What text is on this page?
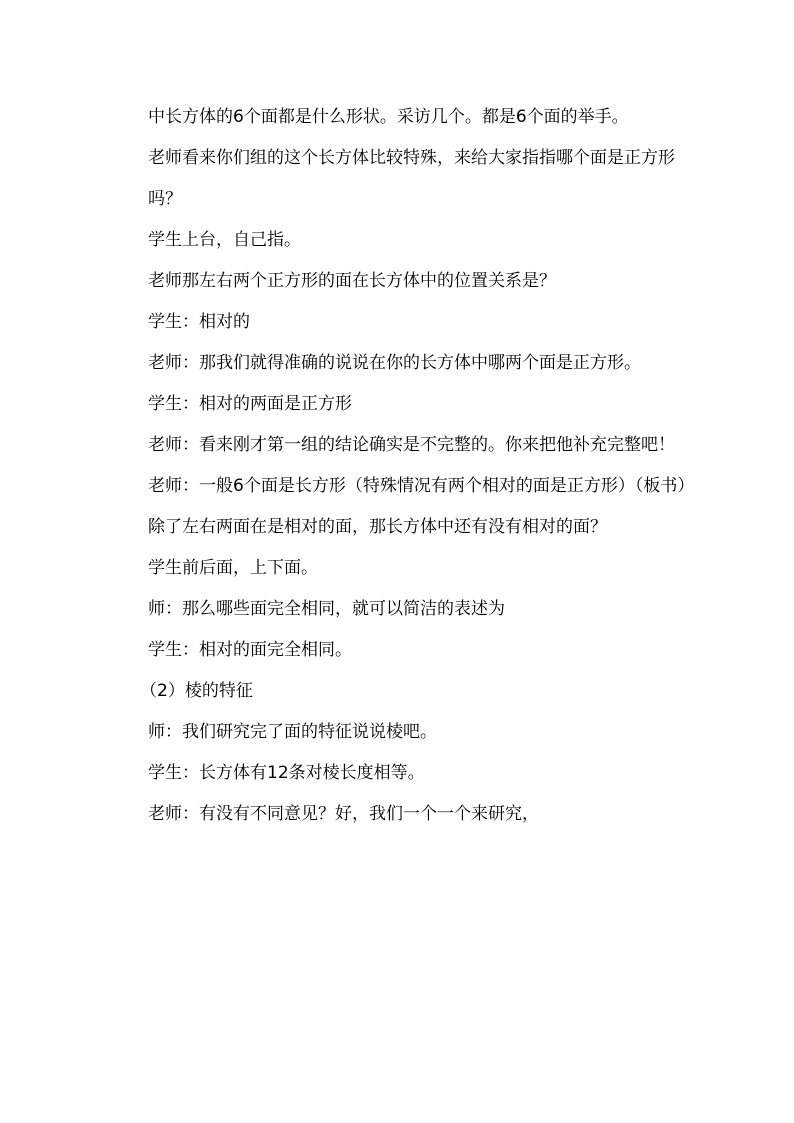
中长方体的6个面都是什么形状。采访几个。都是6个面的举手。

老师看来你们组的这个长方体比较特殊，来给大家指指哪个面是正方形吗？

学生上台，自己指。

老师那左右两个正方形的面在长方体中的位置关系是？

学生：相对的

老师：那我们就得准确的说说在你的长方体中哪两个面是正方形。

学生：相对的两面是正方形

老师：看来刚才第一组的结论确实是不完整的。你来把他补充完整吧！

老师：一般6个面是长方形（特殊情况有两个相对的面是正方形）（板书）除了左右两面在是相对的面，那长方体中还有没有相对的面？

学生前后面，上下面。

师：那么哪些面完全相同，就可以简洁的表述为

学生：相对的面完全相同。

（2）棱的特征

师：我们研究完了面的特征说说棱吧。

学生：长方体有12条对棱长度相等。

老师：有没有不同意见？好，我们一个一个来研究，
